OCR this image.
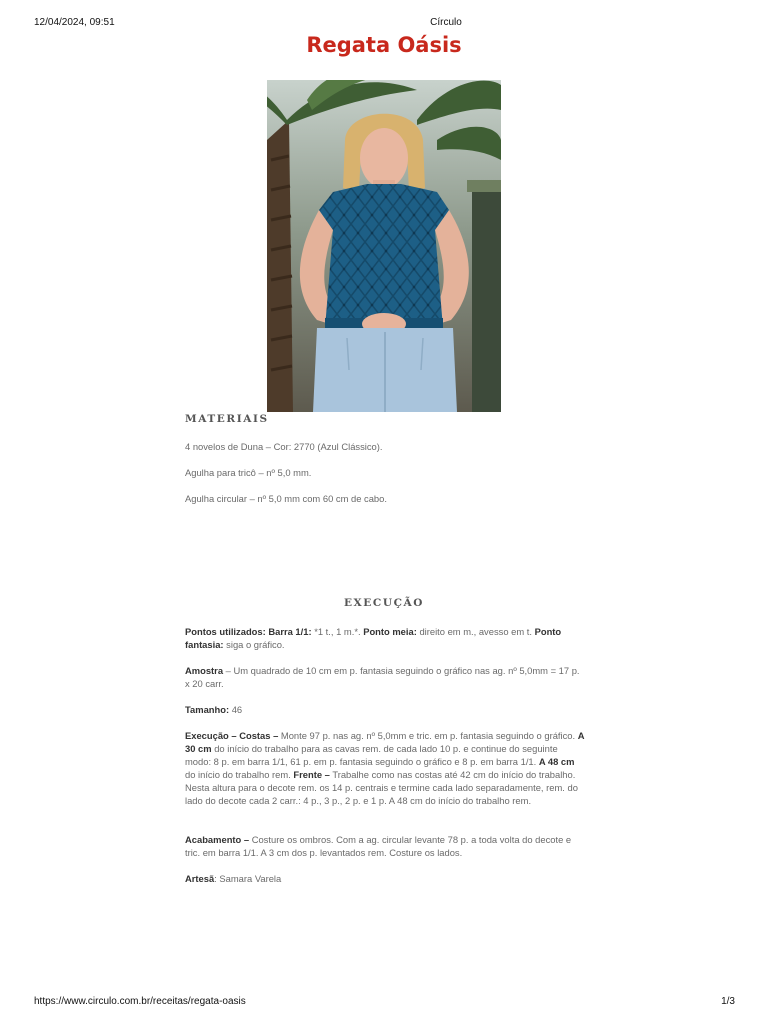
12/04/2024, 09:51	Círculo
Regata Oásis
MATERIAIS

4 novelos de Duna – Cor: 2770 (Azul Clássico).

Agulha para tricô – nº 5,0 mm.

Agulha circular – nº 5,0 mm com 60 cm de cabo.

EXECUÇÃO

Pontos utilizados: Barra 1/1: *1 t., 1 m.*. Ponto meia: direito em m., avesso em t. Ponto fantasia: siga o gráfico.

Amostra – Um quadrado de 10 cm em p. fantasia seguindo o gráfico nas ag. nº 5,0mm = 17 p. x 20 carr.

Tamanho: 46

Execução – Costas – Monte 97 p. nas ag. nº 5,0mm e tric. em p. fantasia seguindo o gráfico. A 30 cm do início do trabalho para as cavas rem. de cada lado 10 p. e continue do seguinte modo: 8 p. em barra 1/1, 61 p. em p. fantasia seguindo o gráfico e 8 p. em barra 1/1. A 48 cm do início do trabalho rem. Frente – Trabalhe como nas costas até 42 cm do início do trabalho. Nesta altura para o decote rem. os 14 p. centrais e termine cada lado separadamente, rem. do lado do decote cada 2 carr.: 4 p., 3 p., 2 p. e 1 p. A 48 cm do início do trabalho rem.

Acabamento – Costure os ombros. Com a ag. circular levante 78 p. a toda volta do decote e tric. em barra 1/1. A 3 cm dos p. levantados rem. Costure os lados.

Artesã: Samara Varela

https://www.circulo.com.br/receitas/regata-oasis	1/3
